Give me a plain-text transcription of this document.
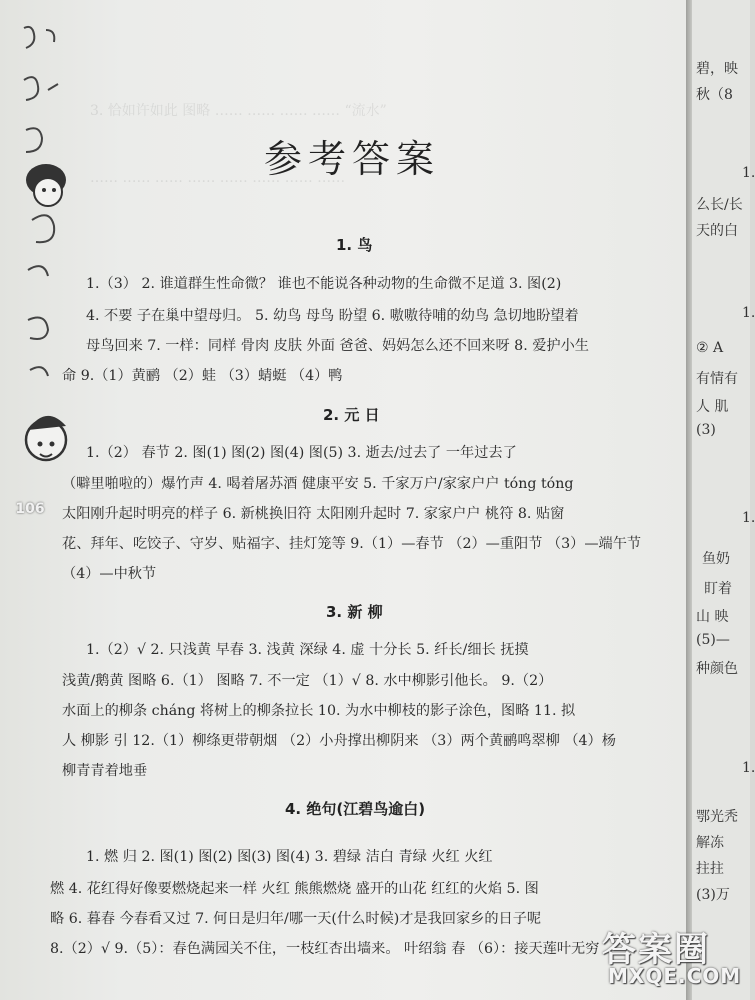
3. 恰如许如此 图略 …… …… …… …… “流水”
…… …… …… …… …… …… …… ……
106
参考答案
1. 鸟
1.（3） 2. 谁道群生性命微？ 谁也不能说各种动物的生命微不足道 3. 图(2)
4. 不要 子在巢中望母归。 5. 幼鸟 母鸟 盼望 6. 嗷嗷待哺的幼鸟 急切地盼望着
母鸟回来 7. 一样：同样 骨肉 皮肤 外面 爸爸、妈妈怎么还不回来呀 8. 爱护小生
命 9.（1）黄鹂 （2）蛙 （3）蜻蜓 （4）鸭
2. 元 日
1.（2） 春节 2. 图(1) 图(2) 图(4) 图(5) 3. 逝去/过去了 一年过去了
（噼里啪啦的）爆竹声 4. 喝着屠苏酒 健康平安 5. 千家万户/家家户户 tóng tóng
太阳刚升起时明亮的样子 6. 新桃换旧符 太阳刚升起时 7. 家家户户 桃符 8. 贴窗
花、拜年、吃饺子、守岁、贴福字、挂灯笼等 9.（1）—春节 （2）—重阳节 （3）—端午节
（4）—中秋节
3. 新 柳
1.（2）√ 2. 只浅黄 早春 3. 浅黄 深绿 4. 虚 十分长 5. 纤长/细长 抚摸
浅黄/鹅黄 图略 6.（1） 图略 7. 不一定 （1）√ 8. 水中柳影引他长。 9.（2）
水面上的柳条 cháng 将树上的柳条拉长 10. 为水中柳枝的影子涂色，图略 11. 拟
人 柳影 引 12.（1）柳绦更带朝烟 （2）小舟撑出柳阴来 （3）两个黄鹂鸣翠柳 （4）杨
柳青青着地垂
4. 绝句(江碧鸟逾白)
1. 燃 归 2. 图(1) 图(2) 图(3) 图(4) 3. 碧绿 洁白 青绿 火红 火红
燃 4. 花红得好像要燃烧起来一样 火红 熊熊燃烧 盛开的山花 红红的火焰 5. 图
略 6. 暮春 今春看又过 7. 何日是归年/哪一天(什么时候)才是我回家乡的日子呢
8.（2）√ 9.（5）：春色满园关不住，一枝红杏出墙来。 叶绍翁 春 （6）：接天莲叶无穷
碧，映
秋（8
1.
么长/长
天的白
1.
② A
有情有
人 肌
(3)
1.
鱼奶
盯着
山 映
(5)—
种颜色
1.
鄂光秃
解冻
拄拄
(3)万
答案圈
MXQE.COM
